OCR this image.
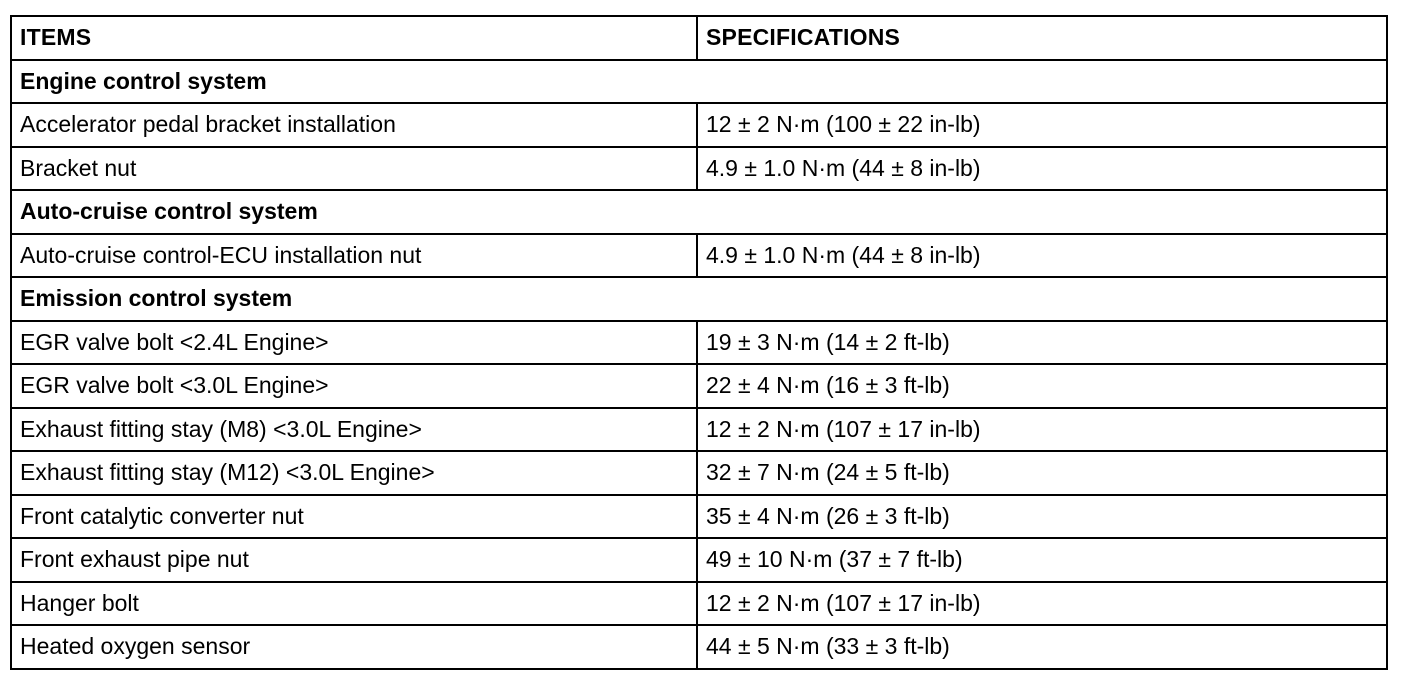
ITEMS	SPECIFICATIONS
Engine control system	
Accelerator pedal bracket installation	12 ± 2 N·m (100 ± 22 in-lb)
Bracket nut	4.9 ± 1.0 N·m (44 ± 8 in-lb)
Auto-cruise control system	
Auto-cruise control-ECU installation nut	4.9 ± 1.0 N·m (44 ± 8 in-lb)
Emission control system	
EGR valve bolt <2.4L Engine>	19 ± 3 N·m (14 ± 2 ft-lb)
EGR valve bolt <3.0L Engine>	22 ± 4 N·m (16 ± 3 ft-lb)
Exhaust fitting stay (M8) <3.0L Engine>	12 ± 2 N·m (107 ± 17 in-lb)
Exhaust fitting stay (M12) <3.0L Engine>	32 ± 7 N·m (24 ± 5 ft-lb)
Front catalytic converter nut	35 ± 4 N·m (26 ± 3 ft-lb)
Front exhaust pipe nut	49 ± 10 N·m (37 ± 7 ft-lb)
Hanger bolt	12 ± 2 N·m (107 ± 17 in-lb)
Heated oxygen sensor	44 ± 5 N·m (33 ± 3 ft-lb)
